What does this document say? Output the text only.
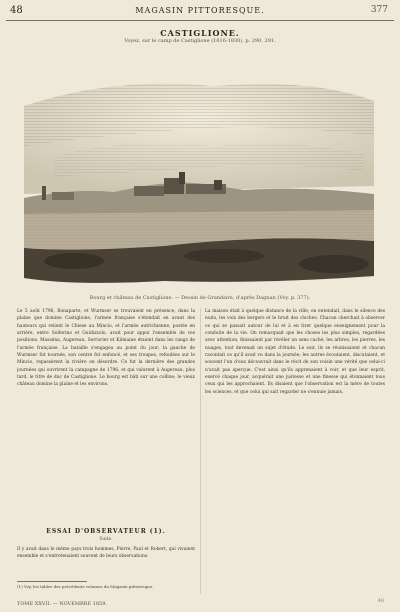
48	MAGASIN PITTORESQUE.	377
CASTIGLIONE.
Voyez, sur le camp de Castiglione (1616-1830), p. 290, 291.
Bourg et château de Castiglione. — Dessin de Grandsire, d'après Dagnan (Voy. p. 377).
Le 5 août 1796, Bonaparte, et Wurmser se trouvaient en présence, dans la plaine que domine Castiglione, l'armée française s'étendait en avant des hauteurs qui relient le Chiese au Mincio, et l'armée autrichienne, postée en arrière, entre Solferino et Guidizzolo, avait pour appui l'ensemble de ces positions. Masséna, Augereau, Serrurier et Kilmaine étaient dans les rangs de l'armée française. La bataille s'engagea au point du jour; la gauche de Wurmser fut tournée, son centre fut enfoncé, et ses troupes, refoulées sur le Mincio, repassèrent la rivière en désordre. Ce fut la dernière des grandes journées qui ouvrirent la campagne de 1796, et qui valurent à Augereau, plus tard, le titre de duc de Castiglione. Le bourg est bâti sur une colline; le vieux château domine la plaine et les environs.
ESSAI D'OBSERVATEUR (1).
Suite.
Il y avait dans le même pays trois hommes, Pierre, Paul et Robert, qui vivaient ensemble et s'entretenaient souvent de leurs observations.
(1) Voy. les tables des précédents volumes du Magasin pittoresque.
La maison était à quelque distance de la ville; on entendait, dans le silence des nuits, les voix des bergers et le bruit des cloches. Chacun cherchait à observer ce qui se passait autour de lui et à en tirer quelque enseignement pour la conduite de la vie. On remarquait que les choses les plus simples, regardées avec attention, finissaient par révéler un sens caché; les arbres, les pierres, les nuages, tout devenait un sujet d'étude. Le soir, ils se réunissaient et chacun racontait ce qu'il avait vu dans la journée; les autres écoutaient, discutaient, et souvent l'un d'eux découvrait dans le récit de son voisin une vérité que celui-ci n'avait pas aperçue. C'est ainsi qu'ils apprenaient à voir, et que leur esprit, exercé chaque jour, acquérait une justesse et une finesse qui étonnaient tous ceux qui les approchaient. Ils disaient que l'observation est la mère de toutes les sciences, et que celui qui sait regarder ne s'ennuie jamais.
TOME XXVII. — NOVEMBRE 1859.	48
